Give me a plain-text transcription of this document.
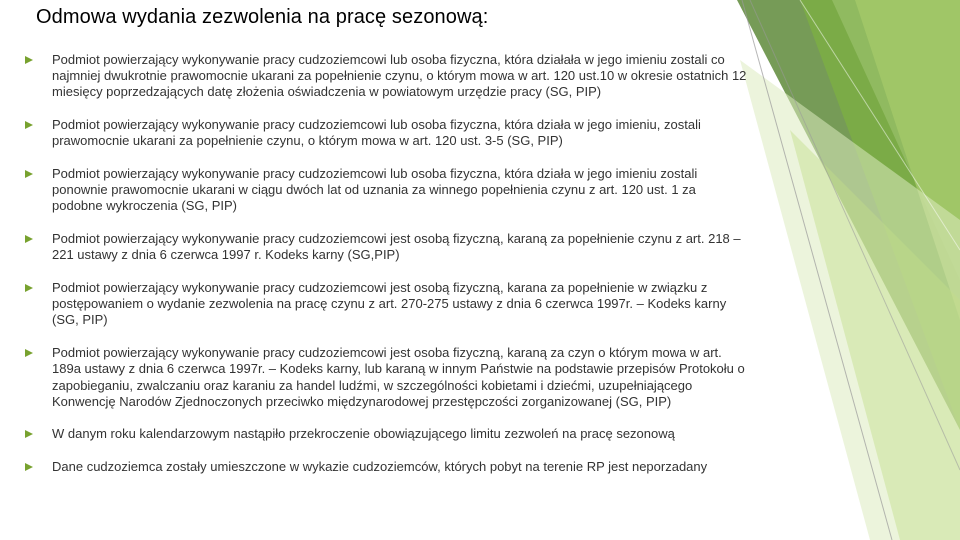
Odmowa wydania zezwolenia na pracę sezonową:
Podmiot powierzający wykonywanie pracy cudzoziemcowi lub osoba fizyczna, która działała w jego imieniu zostali co najmniej dwukrotnie prawomocnie ukarani za popełnienie czynu, o którym mowa w art. 120 ust.10 w okresie ostatnich 12 miesięcy poprzedzających datę złożenia oświadczenia w powiatowym urzędzie pracy (SG, PIP)
Podmiot powierzający wykonywanie pracy cudzoziemcowi lub osoba fizyczna, która działa w jego imieniu, zostali prawomocnie ukarani za popełnienie czynu, o którym mowa w art. 120 ust. 3-5 (SG, PIP)
Podmiot powierzający wykonywanie pracy cudzoziemcowi lub osoba fizyczna, która działa w jego imieniu zostali ponownie prawomocnie ukarani w ciągu dwóch lat od uznania za winnego popełnienia czynu z art. 120 ust. 1 za podobne wykroczenia (SG, PIP)
Podmiot powierzający wykonywanie pracy cudzoziemcowi jest osobą fizyczną, karaną za popełnienie czynu z art. 218 – 221 ustawy z dnia 6 czerwca 1997 r. Kodeks karny (SG,PIP)
Podmiot powierzający wykonywanie pracy cudzoziemcowi jest osobą fizyczną, karana za popełnienie w związku z postępowaniem o wydanie zezwolenia na pracę czynu z art. 270-275 ustawy z dnia 6 czerwca 1997r. – Kodeks karny (SG, PIP)
Podmiot powierzający wykonywanie pracy cudzoziemcowi jest osoba fizyczną, karaną za czyn o którym mowa w art. 189a ustawy z dnia 6 czerwca 1997r. – Kodeks karny, lub karaną w innym Państwie na podstawie przepisów Protokołu o zapobieganiu, zwalczaniu oraz karaniu za handel ludźmi, w szczególności kobietami i dziećmi, uzupełniającego Konwencję Narodów Zjednoczonych przeciwko międzynarodowej przestępczości zorganizowanej (SG, PIP)
W danym roku kalendarzowym nastąpiło przekroczenie obowiązującego limitu zezwoleń na pracę sezonową
Dane cudzoziemca zostały umieszczone w wykazie cudzoziemców, których pobyt na terenie RP jest neporzadany
